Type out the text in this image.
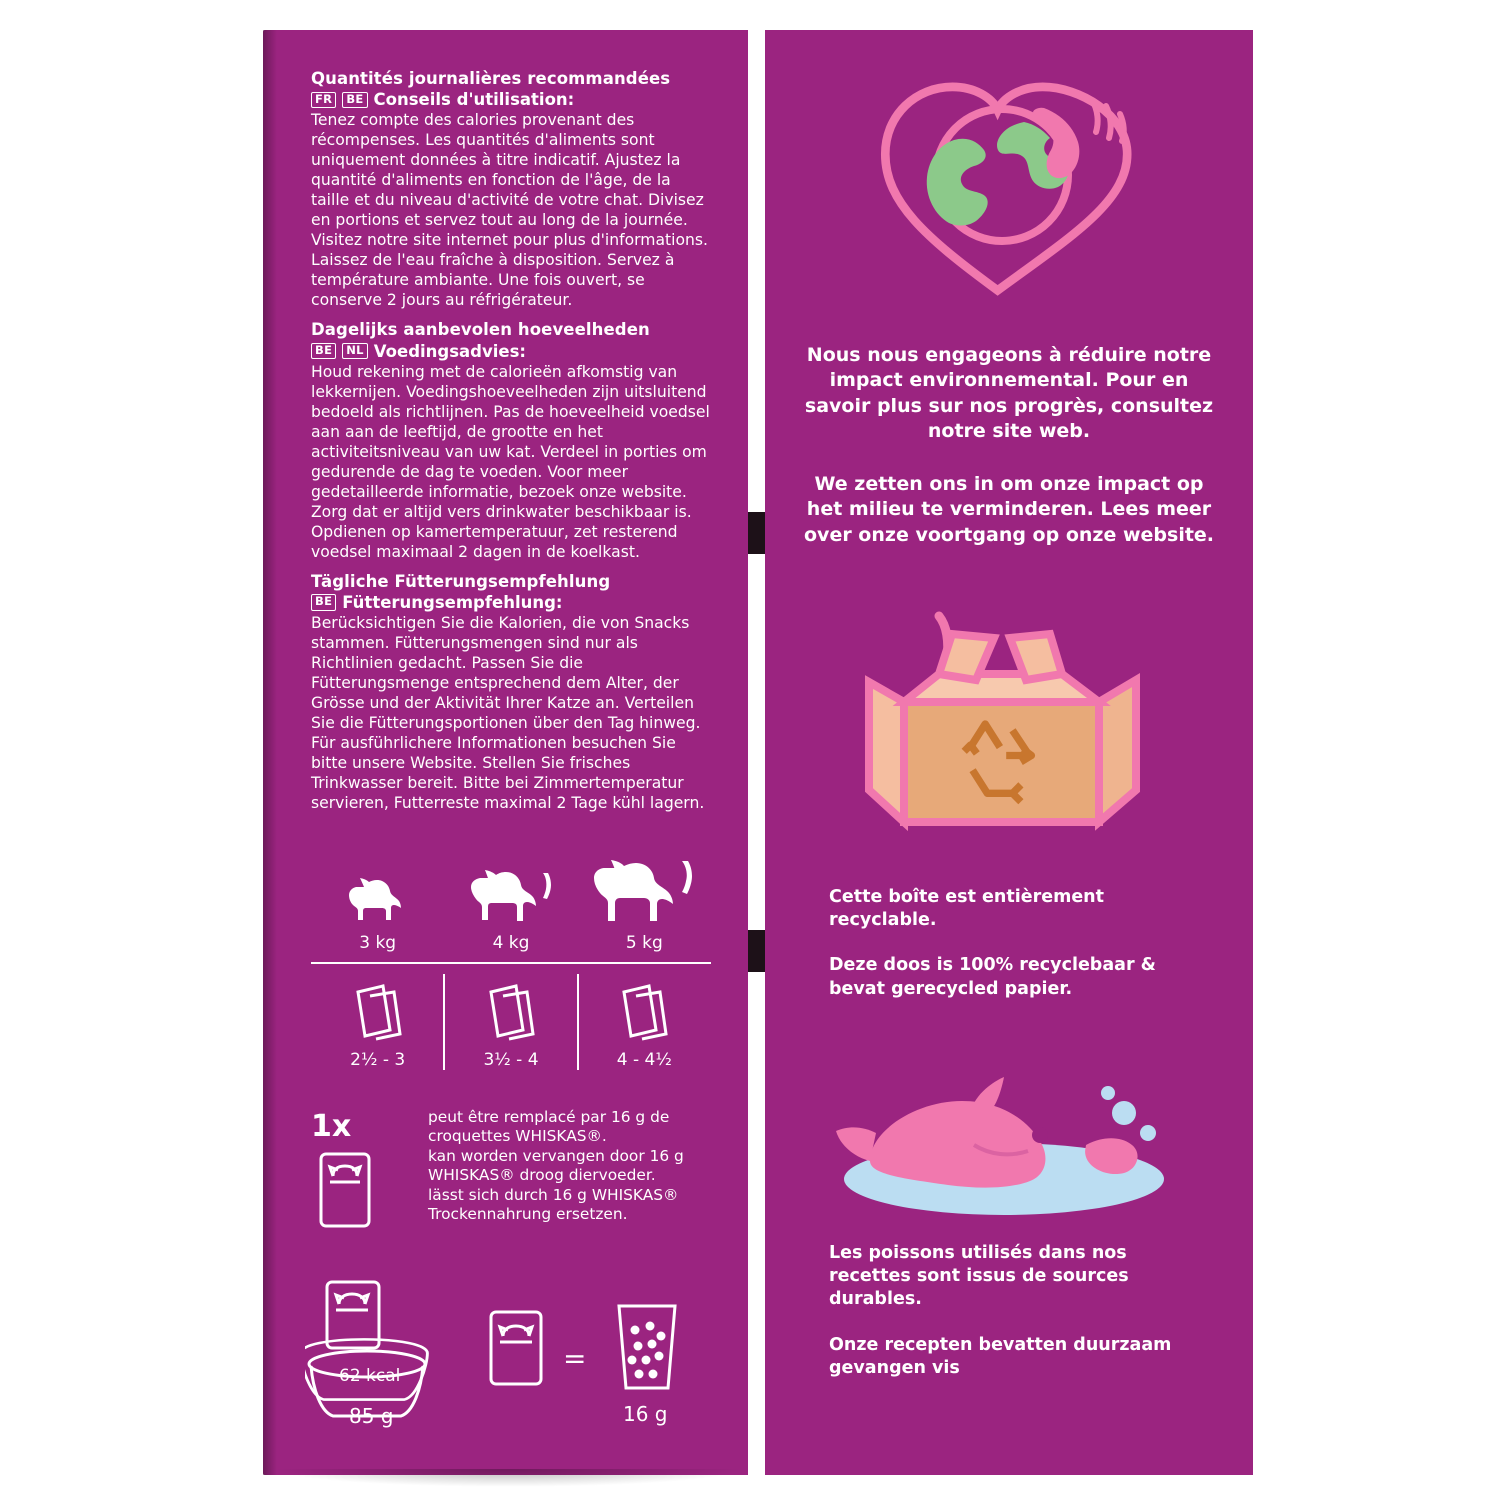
Quantités journalières recommandées
FR	BE Conseils d'utilisation:
Tenez compte des calories provenant des récompenses. Les quantités d'aliments sont uniquement données à titre indicatif. Ajustez la quantité d'aliments en fonction de l'âge, de la taille et du niveau d'activité de votre chat. Divisez en portions et servez tout au long de la journée. Visitez notre site internet pour plus d'informations. Laissez de l'eau fraîche à disposition. Servez à température ambiante. Une fois ouvert, se conserve 2 jours au réfrigérateur.
Dagelijks aanbevolen hoeveelheden
BE	NL Voedingsadvies:
Houd rekening met de calorieën afkomstig van lekkernijen. Voedingshoeveelheden zijn uitsluitend bedoeld als richtlijnen. Pas de hoeveelheid voedsel aan aan de leeftijd, de grootte en het activiteitsniveau van uw kat. Verdeel in porties om gedurende de dag te voeden. Voor meer gedetailleerde informatie, bezoek onze website. Zorg dat er altijd vers drinkwater beschikbaar is. Opdienen op kamertemperatuur, zet resterend voedsel maximaal 2 dagen in de koelkast.
Tägliche Fütterungsempfehlung
BE Fütterungsempfehlung:
Berücksichtigen Sie die Kalorien, die von Snacks stammen. Fütterungsmengen sind nur als Richtlinien gedacht. Passen Sie die Fütterungsmenge entsprechend dem Alter, der Grösse und der Aktivität Ihrer Katze an. Verteilen Sie die Fütterungsportionen über den Tag hinweg. Für ausführlichere Informationen besuchen Sie bitte unsere Website. Stellen Sie frisches Trinkwasser bereit. Bitte bei Zimmertemperatur servieren, Futterreste maximal 2 Tage kühl lagern.
3 kg	4 kg	5 kg
2½ - 3	3½ - 4	4 - 4½
1x	peut être remplacé par 16 g de croquettes WHISKAS®.
kan worden vervangen door 16 g WHISKAS® droog diervoeder.
lässt sich durch 16 g WHISKAS® Trockennahrung ersetzen.
62 kcal
85 g
=
16 g
Nous nous engageons à réduire notre impact environnemental. Pour en savoir plus sur nos progrès, consultez notre site web.
We zetten ons in om onze impact op het milieu te verminderen. Lees meer over onze voortgang op onze website.
Cette boîte est entièrement recyclable.
Deze doos is 100% recyclebaar & bevat gerecycled papier.
Les poissons utilisés dans nos recettes sont issus de sources durables.
Onze recepten bevatten duurzaam gevangen vis
